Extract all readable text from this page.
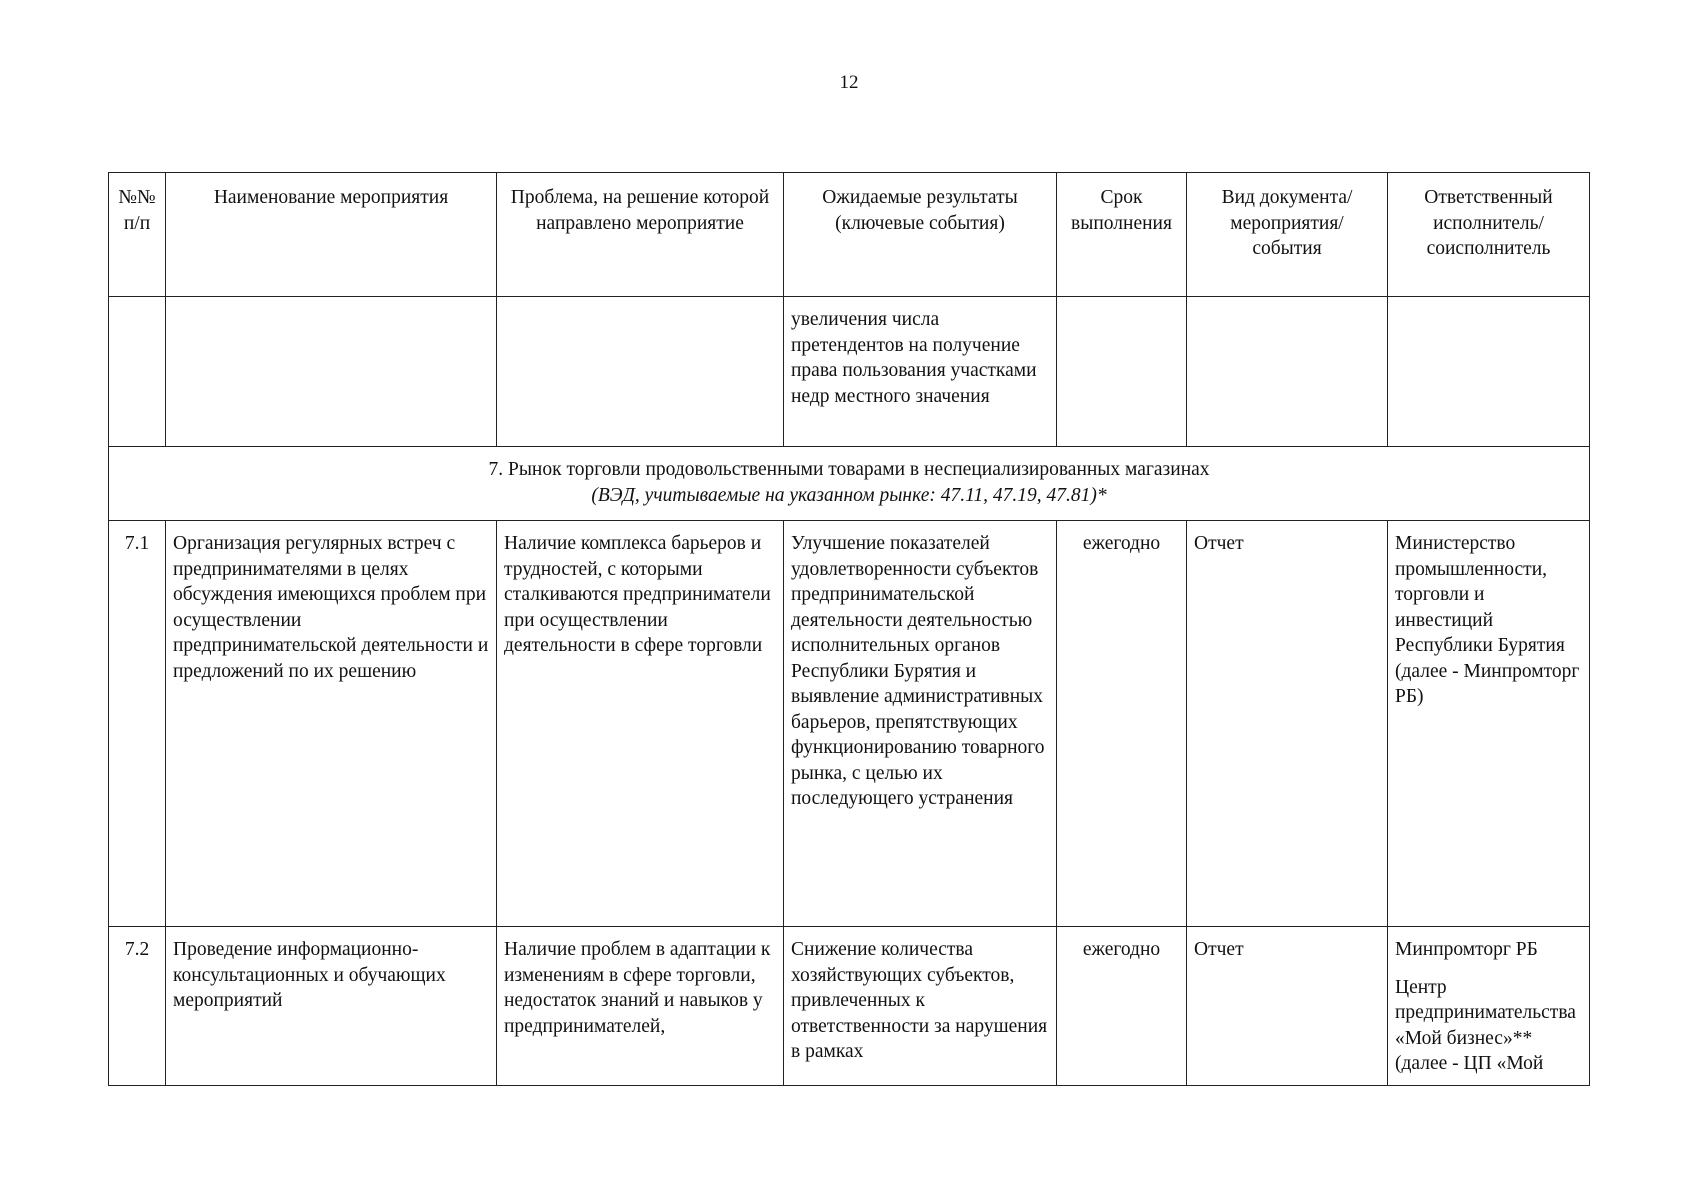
12
№№ п/п	Наименование мероприятия	Проблема, на решение которой направлено мероприятие	Ожидаемые результаты (ключевые события)	Срок выполнения	Вид документа/ мероприятия/ события	Ответственный исполнитель/ соисполнитель
			увеличения числа претендентов на получение права пользования участками недр местного значения			

7. Рынок торговли продовольственными товарами в неспециализированных магазинах
(ВЭД, учитываемые на указанном рынке: 47.11, 47.19, 47.81)*						

7.1	Организация регулярных встреч с предпринимателями в целях обсуждения имеющихся проблем при осуществлении предпринимательской деятельности и предложений по их решению	Наличие комплекса барьеров и трудностей, с которыми сталкиваются предприниматели при осуществлении деятельности в сфере торговли	Улучшение показателей удовлетворенности субъектов предпринимательской деятельности деятельностью исполнительных органов Республики Бурятия и выявление административных барьеров, препятствующих функционированию товарного рынка, с целью их последующего устранения	ежегодно	Отчет	Министерство промышленности, торговли и инвестиций Республики Бурятия (далее - Минпромторг РБ)
7.2	Проведение информационно-консультационных и обучающих мероприятий	Наличие проблем в адаптации к изменениям в сфере торговли, недостаток знаний и навыков у предпринимателей,	Снижение количества хозяйствующих субъектов, привлеченных к ответственности за нарушения в рамках	ежегодно	Отчет	Минпромторг РБ
Центр предпринимательства «Мой бизнес»** (далее - ЦП «Мой
